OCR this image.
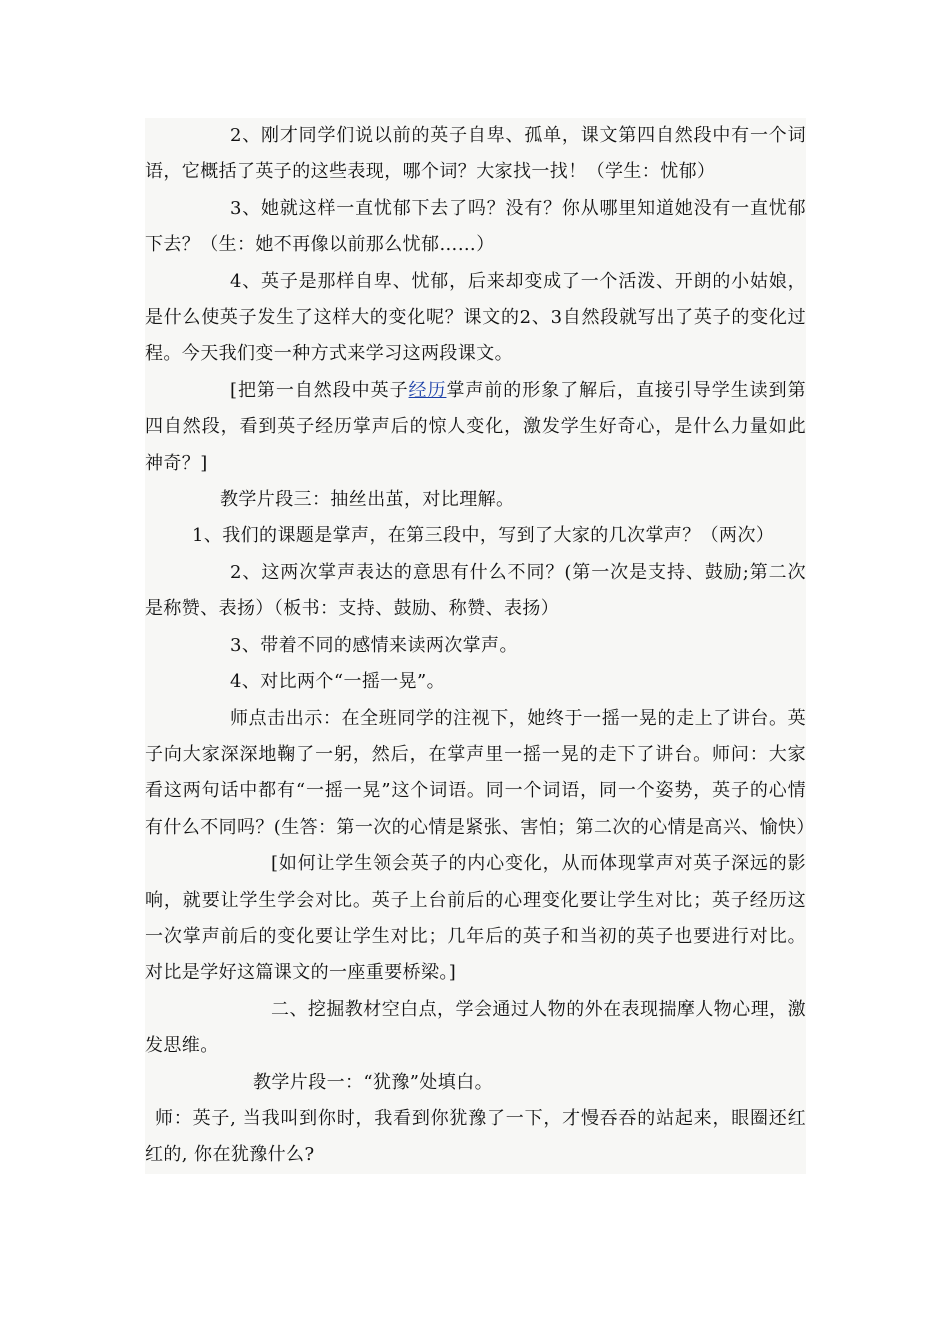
2、刚才同学们说以前的英子自卑、孤单，课文第四自然段中有一个词语，它概括了英子的这些表现，哪个词？大家找一找！（学生：忧郁）

3、她就这样一直忧郁下去了吗？没有？你从哪里知道她没有一直忧郁下去？（生：她不再像以前那么忧郁……）

4、英子是那样自卑、忧郁，后来却变成了一个活泼、开朗的小姑娘，是什么使英子发生了这样大的变化呢？课文的2、3自然段就写出了英子的变化过程。今天我们变一种方式来学习这两段课文。

[把第一自然段中英子经历掌声前的形象了解后，直接引导学生读到第四自然段，看到英子经历掌声后的惊人变化，激发学生好奇心，是什么力量如此神奇？]

教学片段三：抽丝出茧，对比理解。

1、我们的课题是掌声，在第三段中，写到了大家的几次掌声？（两次）

2、这两次掌声表达的意思有什么不同？(第一次是支持、鼓励;第二次是称赞、表扬）（板书：支持、鼓励、称赞、表扬）

3、带着不同的感情来读两次掌声。

4、对比两个“一摇一晃”。

师点击出示：在全班同学的注视下，她终于一摇一晃的走上了讲台。英子向大家深深地鞠了一躬，然后，在掌声里一摇一晃的走下了讲台。师问：大家看这两句话中都有“一摇一晃”这个词语。同一个词语，同一个姿势，英子的心情有什么不同吗？(生答：第一次的心情是紧张、害怕；第二次的心情是高兴、愉快）

[如何让学生领会英子的内心变化，从而体现掌声对英子深远的影响，就要让学生学会对比。英子上台前后的心理变化要让学生对比；英子经历这一次掌声前后的变化要让学生对比；几年后的英子和当初的英子也要进行对比。对比是学好这篇课文的一座重要桥梁。]

二、挖掘教材空白点，学会通过人物的外在表现揣摩人物心理，激发思维。

教学片段一：“犹豫”处填白。

师：英子, 当我叫到你时，我看到你犹豫了一下，才慢吞吞的站起来，眼圈还红红的, 你在犹豫什么?
